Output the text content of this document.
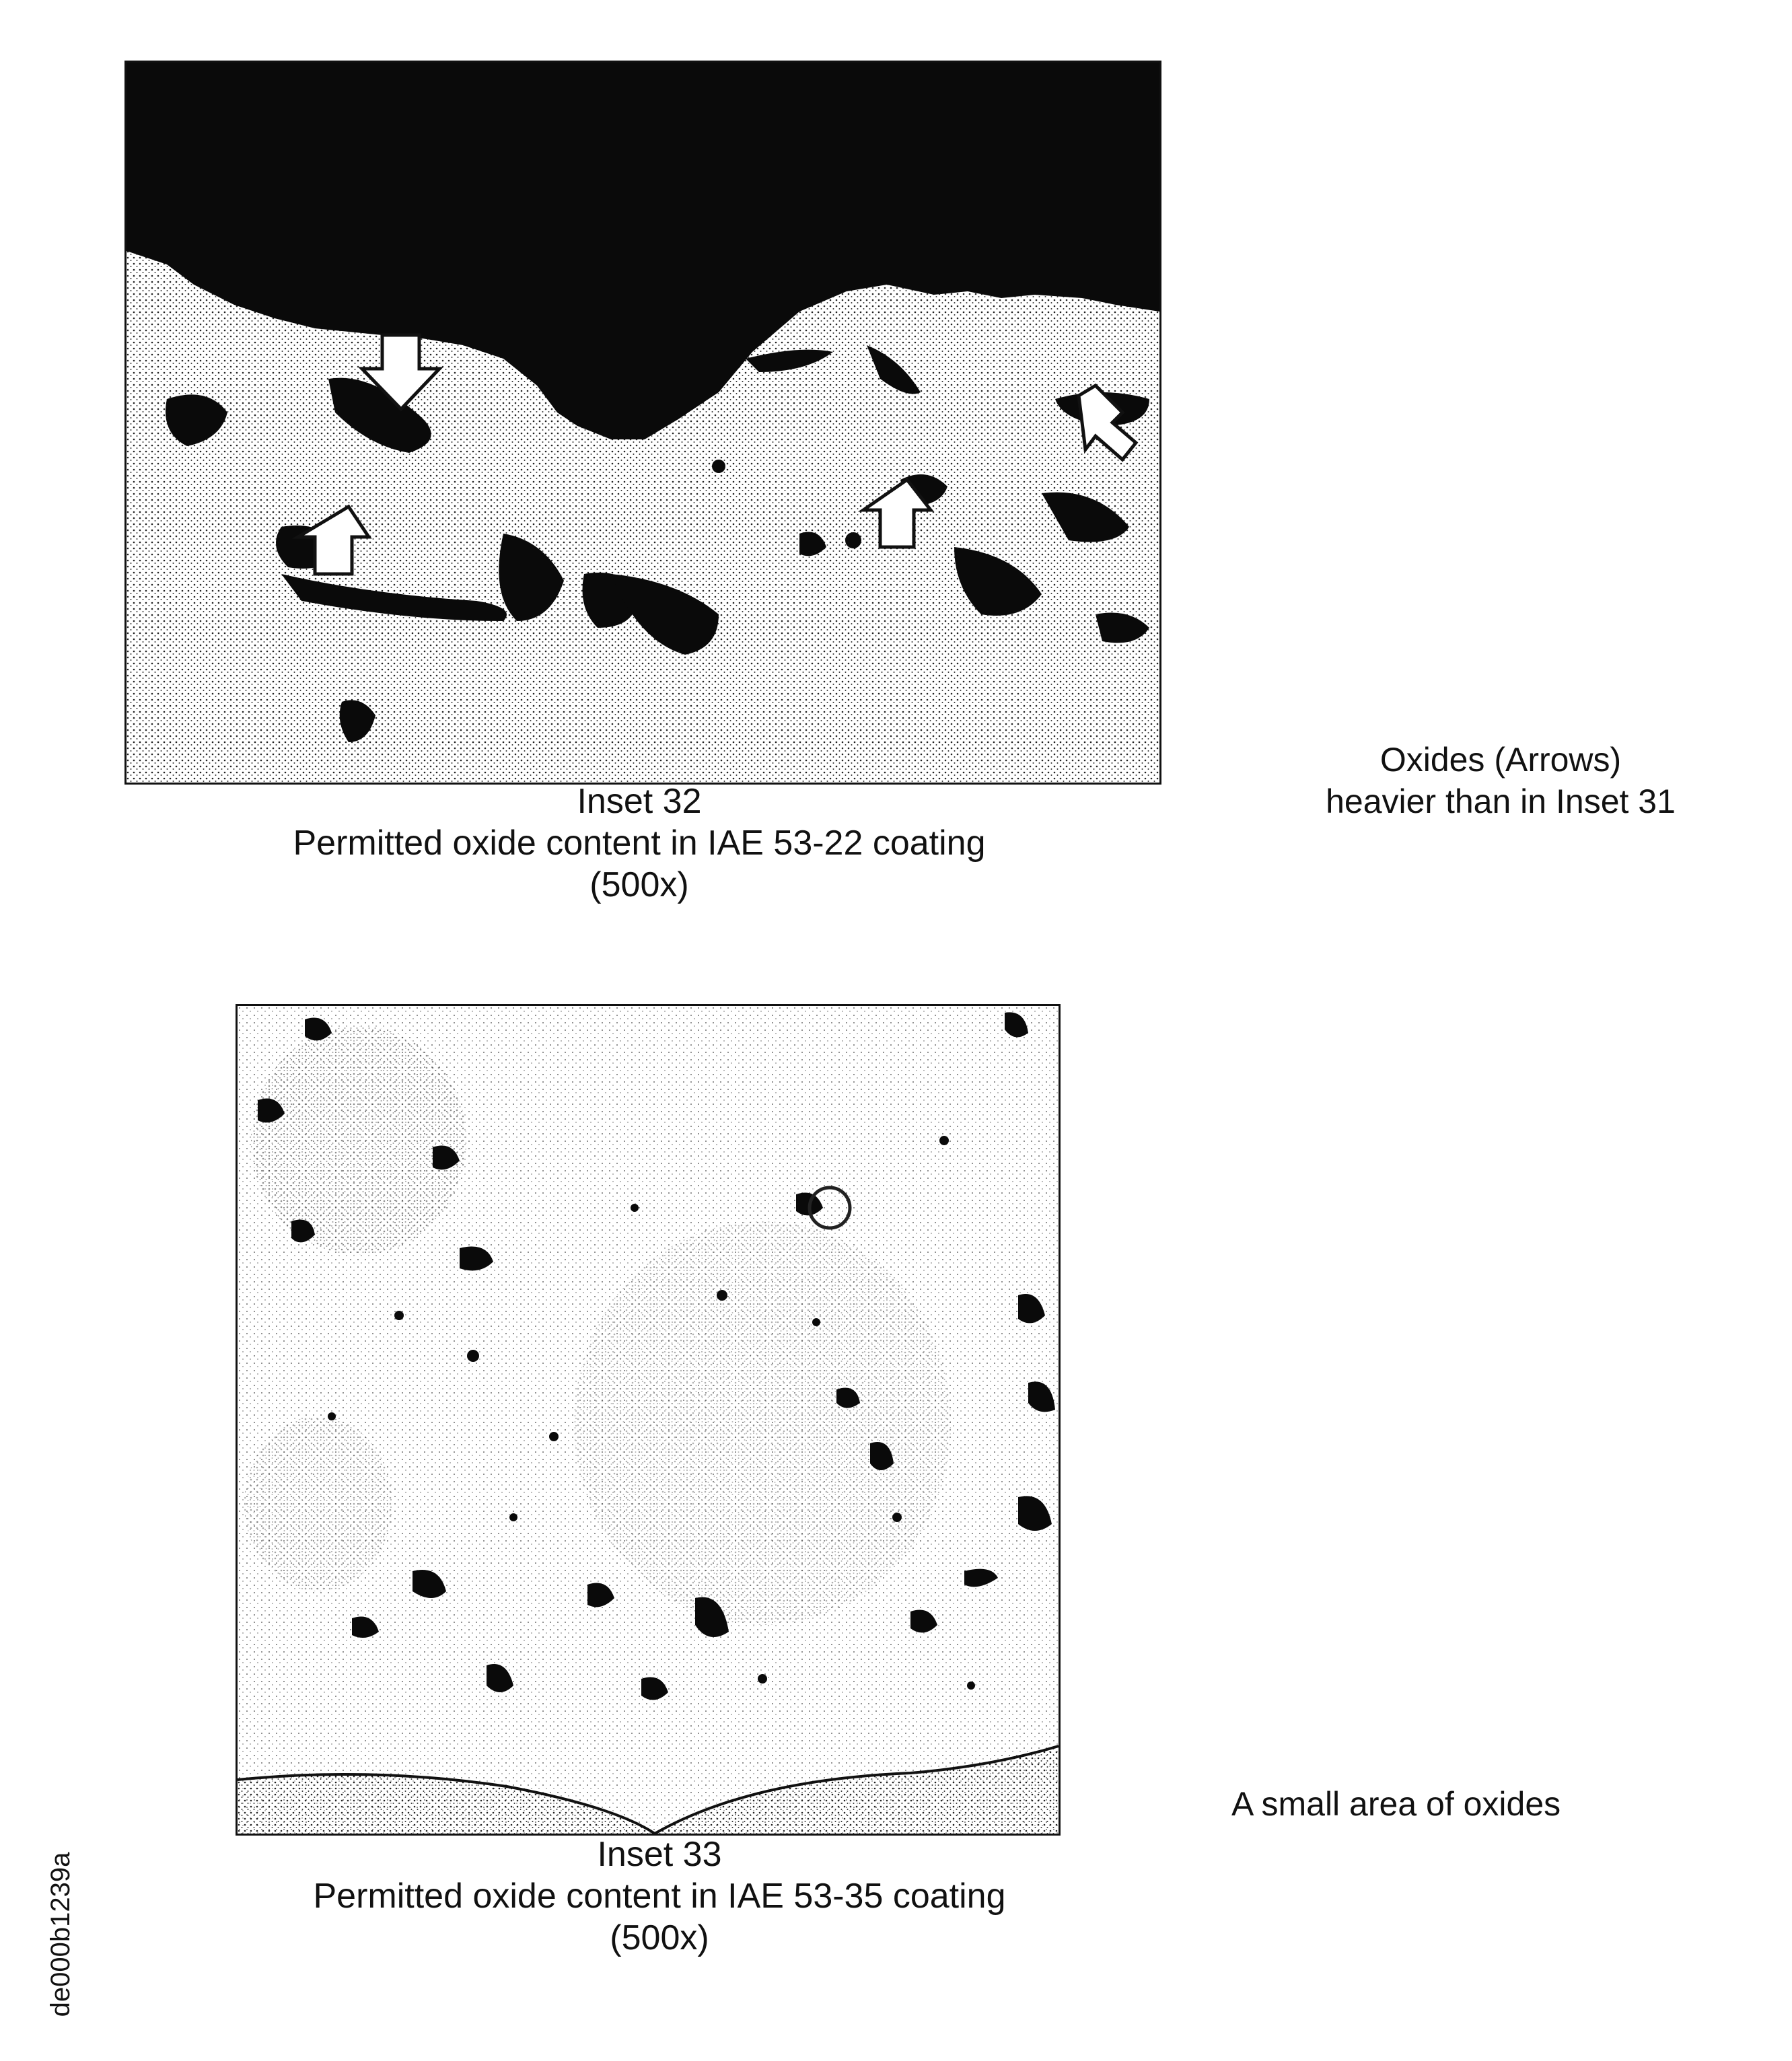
Inset 32
Permitted oxide content in IAE 53-22 coating
(500x)
Oxides (Arrows)
heavier than in Inset 31
Inset 33
Permitted oxide content in IAE 53-35 coating
(500x)
A small area of oxides
de000b1239a
